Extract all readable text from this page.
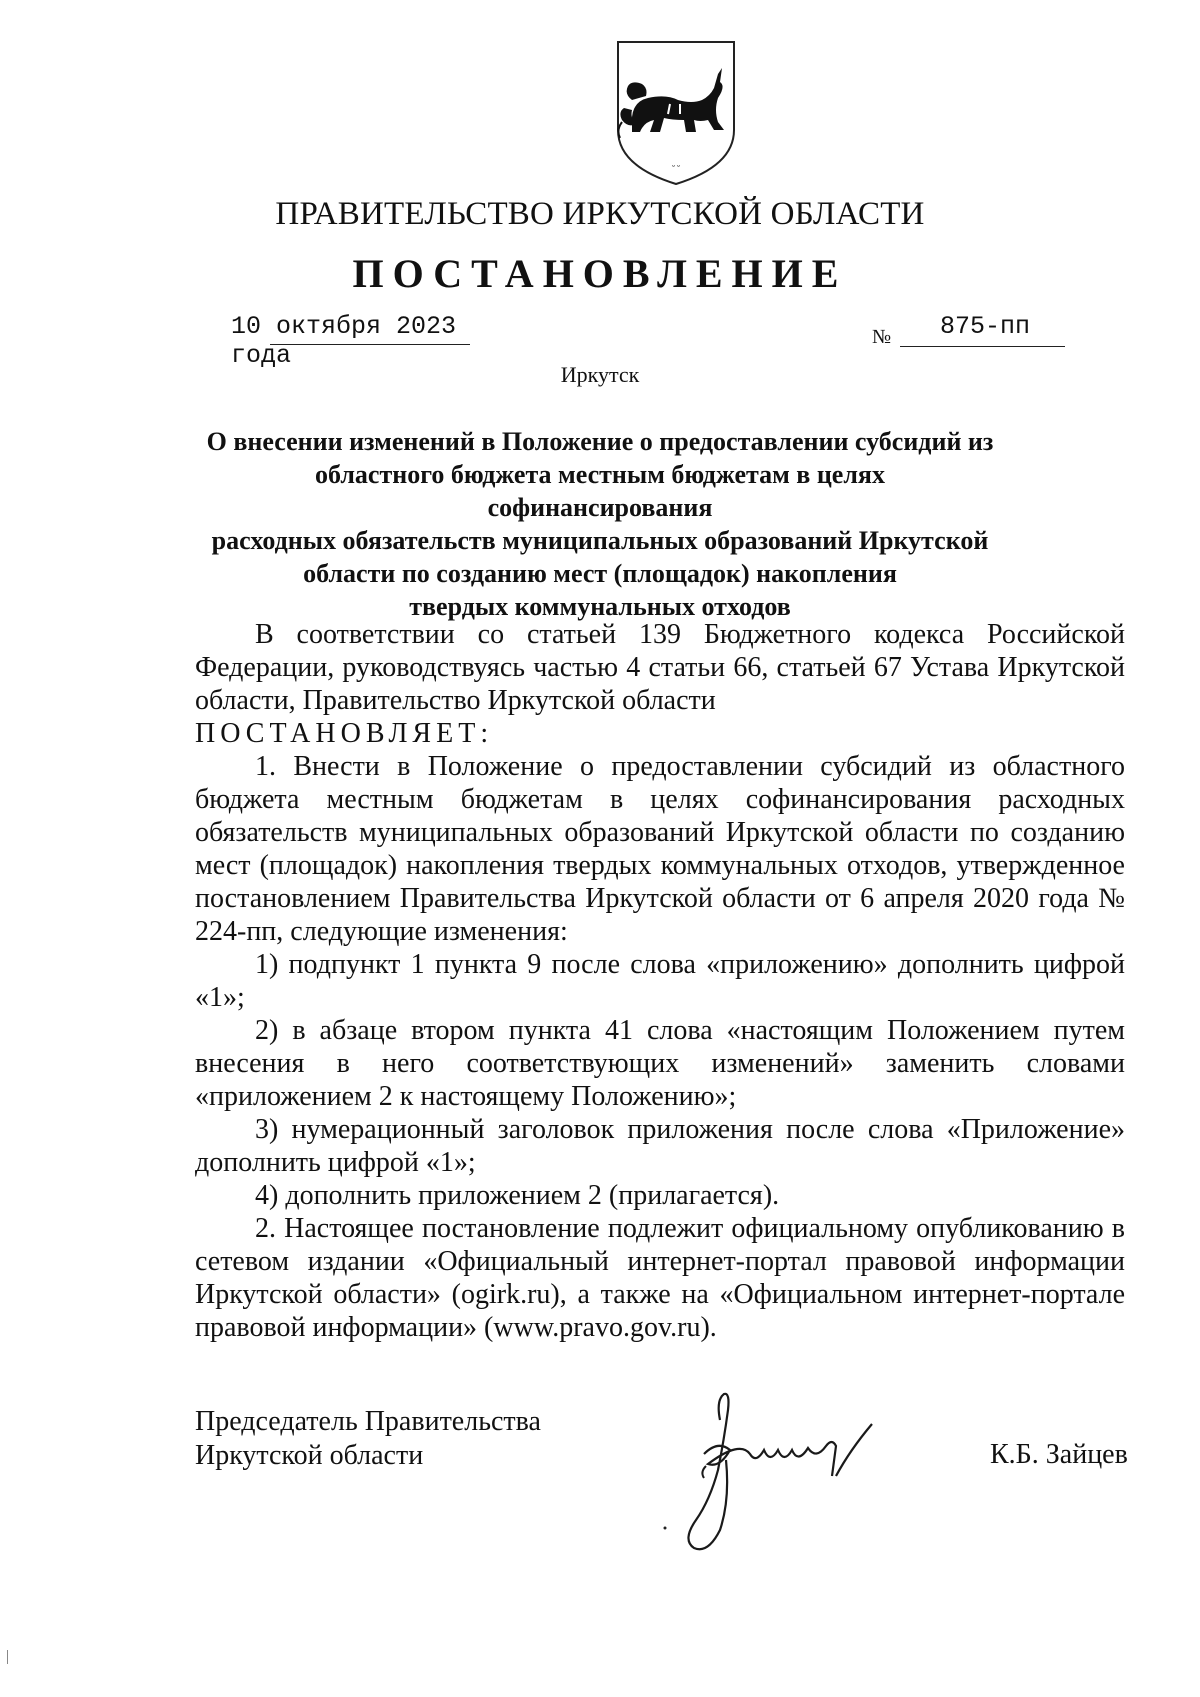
˘˘
ПРАВИТЕЛЬСТВО ИРКУТСКОЙ ОБЛАСТИ
ПОСТАНОВЛЕНИЕ
10 октября 2023 года
№	875-пп
Иркутск
О внесении изменений в Положение о предоставлении субсидий из
областного бюджета местным бюджетам в целях софинансирования
расходных обязательств муниципальных образований Иркутской
области по созданию мест (площадок) накопления
твердых коммунальных отходов

В соответствии со статьей 139 Бюджетного кодекса Российской Федерации, руководствуясь частью 4 статьи 66, статьей 67 Устава Иркутской области, Правительство Иркутской области

ПОСТАНОВЛЯЕТ:

1. Внести в Положение о предоставлении субсидий из областного бюджета местным бюджетам в целях софинансирования расходных обязательств муниципальных образований Иркутской области по созданию мест (площадок) накопления твердых коммунальных отходов, утвержденное постановлением Правительства Иркутской области от 6 апреля 2020 года № 224-пп, следующие изменения:

1) подпункт 1 пункта 9 после слова «приложению» дополнить цифрой «1»;

2) в абзаце втором пункта 41 слова «настоящим Положением путем внесения в него соответствующих изменений» заменить словами «приложением 2 к настоящему Положению»;

3) нумерационный заголовок приложения после слова «Приложение» дополнить цифрой «1»;

4) дополнить приложением 2 (прилагается).

2. Настоящее постановление подлежит официальному опубликованию в сетевом издании «Официальный интернет-портал правовой информации Иркутской области» (ogirk.ru), а также на «Официальном интернет-портале правовой информации» (www.pravo.gov.ru).

Председатель Правительства
Иркутской области	К.Б. Зайцев
